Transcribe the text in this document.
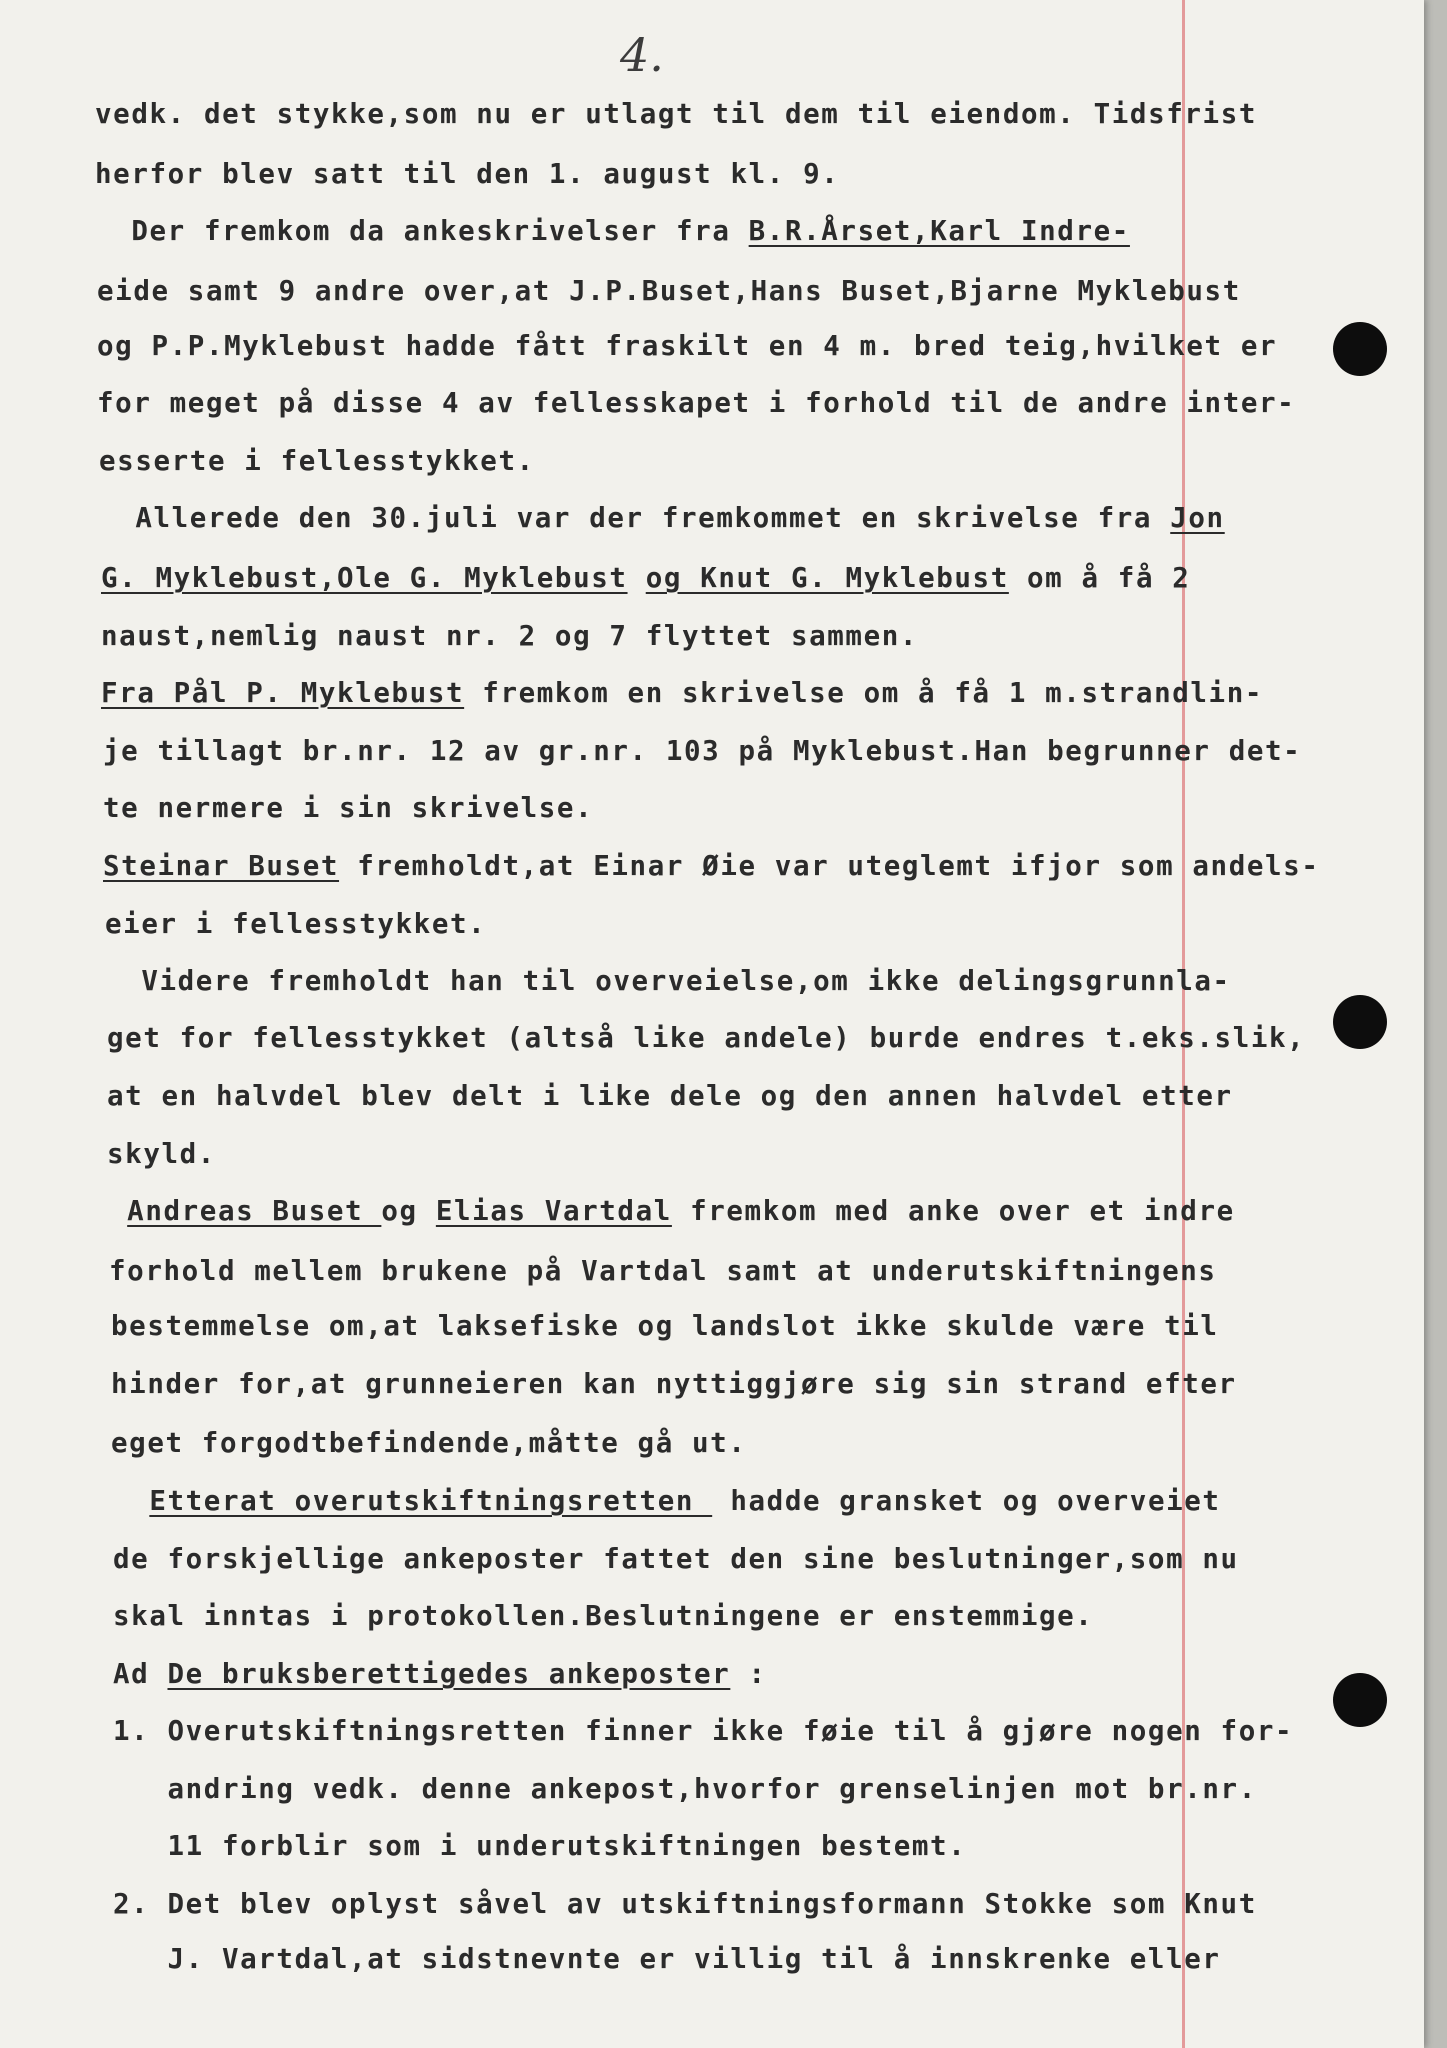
4.
vedk. det stykke,som nu er utlagt til dem til eiendom. Tidsfrist
herfor blev satt til den 1. august kl. 9.
Der fremkom da ankeskrivelser fra B.R.Årset,Karl Indre-
eide samt 9 andre over,at J.P.Buset,Hans Buset,Bjarne Myklebust
og P.P.Myklebust hadde fått fraskilt en 4 m. bred teig,hvilket er
for meget på disse 4 av fellesskapet i forhold til de andre inter-
esserte i fellesstykket.
Allerede den 30.juli var der fremkommet en skrivelse fra Jon
G. Myklebust,Ole G. Myklebust og Knut G. Myklebust om å få 2
naust,nemlig naust nr. 2 og 7 flyttet sammen.
Fra Pål P. Myklebust fremkom en skrivelse om å få 1 m.strandlin-
je tillagt br.nr. 12 av gr.nr. 103 på Myklebust.Han begrunner det-
te nermere i sin skrivelse.
Steinar Buset fremholdt,at Einar Øie var uteglemt ifjor som andels-
eier i fellesstykket.
Videre fremholdt han til overveielse,om ikke delingsgrunnla-
get for fellesstykket (altså like andele) burde endres t.eks.slik,
at en halvdel blev delt i like dele og den annen halvdel etter
skyld.
Andreas Buset og Elias Vartdal fremkom med anke over et indre
forhold mellem brukene på Vartdal samt at underutskiftningens
bestemmelse om,at laksefiske og landslot ikke skulde være til
hinder for,at grunneieren kan nyttiggjøre sig sin strand efter
eget forgodtbefindende,måtte gå ut.
Etterat overutskiftningsretten  hadde gransket og overveiet
de forskjellige ankeposter fattet den sine beslutninger,som nu
skal inntas i protokollen.Beslutningene er enstemmige.
Ad De bruksberettigedes ankeposter :
1. Overutskiftningsretten finner ikke føie til å gjøre nogen for-
andring vedk. denne ankepost,hvorfor grenselinjen mot br.nr.
11 forblir som i underutskiftningen bestemt.
2. Det blev oplyst såvel av utskiftningsformann Stokke som Knut
J. Vartdal,at sidstnevnte er villig til å innskrenke eller
